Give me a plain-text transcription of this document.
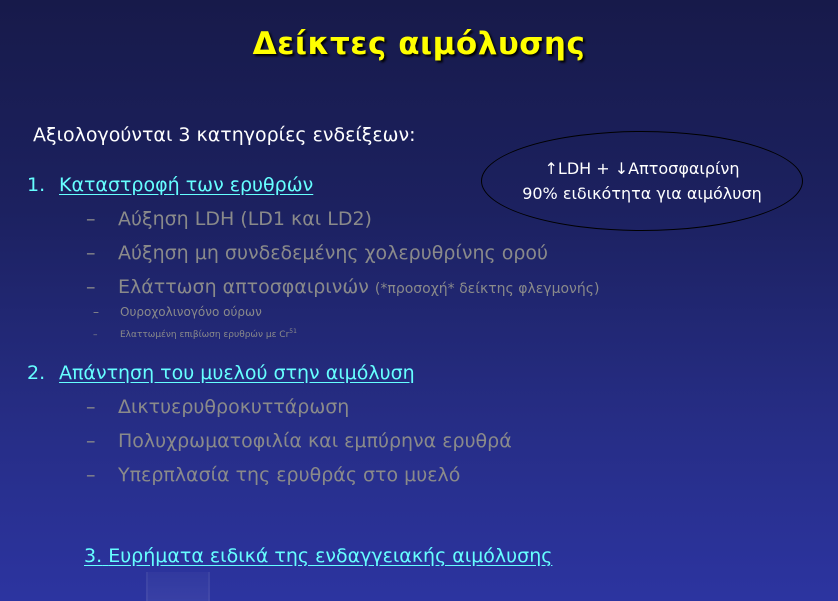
Δείκτες αιμόλυσης
Αξιολογούνται 3 κατηγορίες ενδείξεων:
↑LDH + ↓Απτοσφαιρίνη
90% ειδικότητα για αιμόλυση
1. Καταστροφή των ερυθρών
– Αύξηση LDH (LD1 και LD2)
– Αύξηση μη συνδεδεμένης χολερυθρίνης ορού
– Ελάττωση απτοσφαιρινών (*προσοχή* δείκτης φλεγμονής)
– Ουροχολινογόνο ούρων
–	Ελαττωμένη επιβίωση ερυθρών με Cr$^{51}$
2. Απάντηση του μυελού στην αιμόλυση
– Δικτυερυθροκυττάρωση
– Πολυχρωματοφιλία και εμπύρηνα ερυθρά
– Υπερπλασία της ερυθράς στο μυελό
3. Ευρήματα ειδικά της ενδαγγειακής αιμόλυσης
